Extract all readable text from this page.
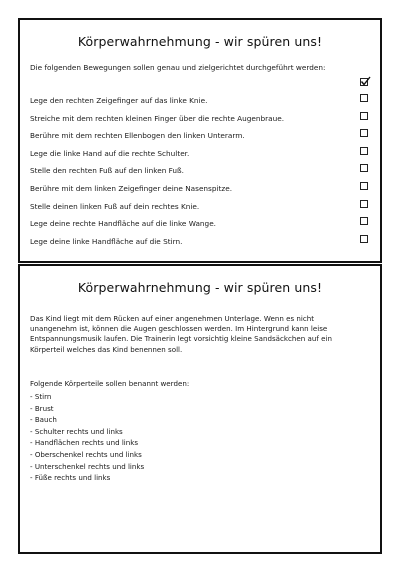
Körperwahrnehmung - wir spüren uns!
Die folgenden Bewegungen sollen genau und zielgerichtet durchgeführt werden:
Lege den rechten Zeigefinger auf das linke Knie.
Streiche mit dem rechten kleinen Finger über die rechte Augenbraue.
Berühre mit dem rechten Ellenbogen den linken Unterarm.
Lege die linke Hand auf die rechte Schulter.
Stelle den rechten Fuß auf den linken Fuß.
Berühre mit dem linken Zeigefinger deine Nasenspitze.
Stelle deinen linken Fuß auf dein rechtes Knie.
Lege deine rechte Handfläche auf die linke Wange.
Lege deine linke Handfläche auf die Stirn.
Körperwahrnehmung - wir spüren uns!
Das Kind liegt mit dem Rücken auf einer angenehmen Unterlage. Wenn es nicht
unangenehm ist, können die Augen geschlossen werden. Im Hintergrund kann leise
Entspannungsmusik laufen. Die Trainerin legt vorsichtig kleine Sandsäckchen auf ein
Körperteil welches das Kind benennen soll.
Folgende Körperteile sollen benannt werden:
- Stirn
- Brust
- Bauch
- Schulter rechts und links
- Handflächen rechts und links
- Oberschenkel rechts und links
- Unterschenkel rechts und links
- Füße rechts und links
